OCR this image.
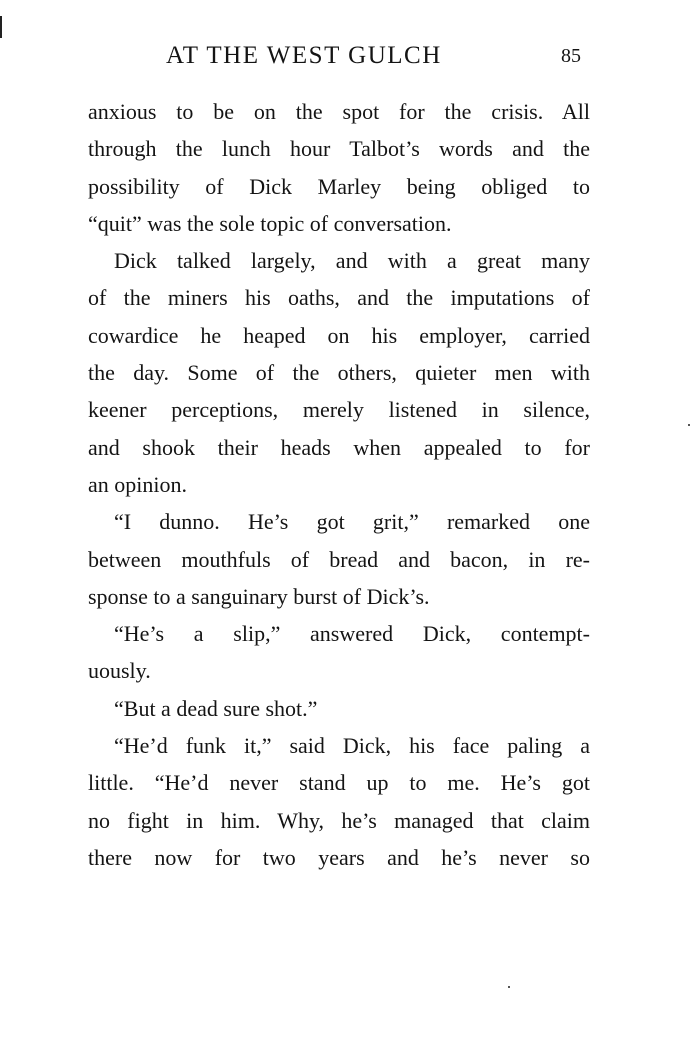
AT THE WEST GULCH	85
anxious to be on the spot for the crisis. All
through the lunch hour Talbot’s words and the
possibility of Dick Marley being obliged to
“quit” was the sole topic of conversation.
Dick talked largely, and with a great many
of the miners his oaths, and the imputations of
cowardice he heaped on his employer, carried
the day. Some of the others, quieter men with
keener perceptions, merely listened in silence,
and shook their heads when appealed to for
an opinion.
“I dunno. He’s got grit,” remarked one
between mouthfuls of bread and bacon, in re-
sponse to a sanguinary burst of Dick’s.
“He’s a slip,” answered Dick, contempt-
uously.
“But a dead sure shot.”
“He’d funk it,” said Dick, his face paling a
little. “He’d never stand up to me. He’s got
no fight in him. Why, he’s managed that claim
there now for two years and he’s never so
